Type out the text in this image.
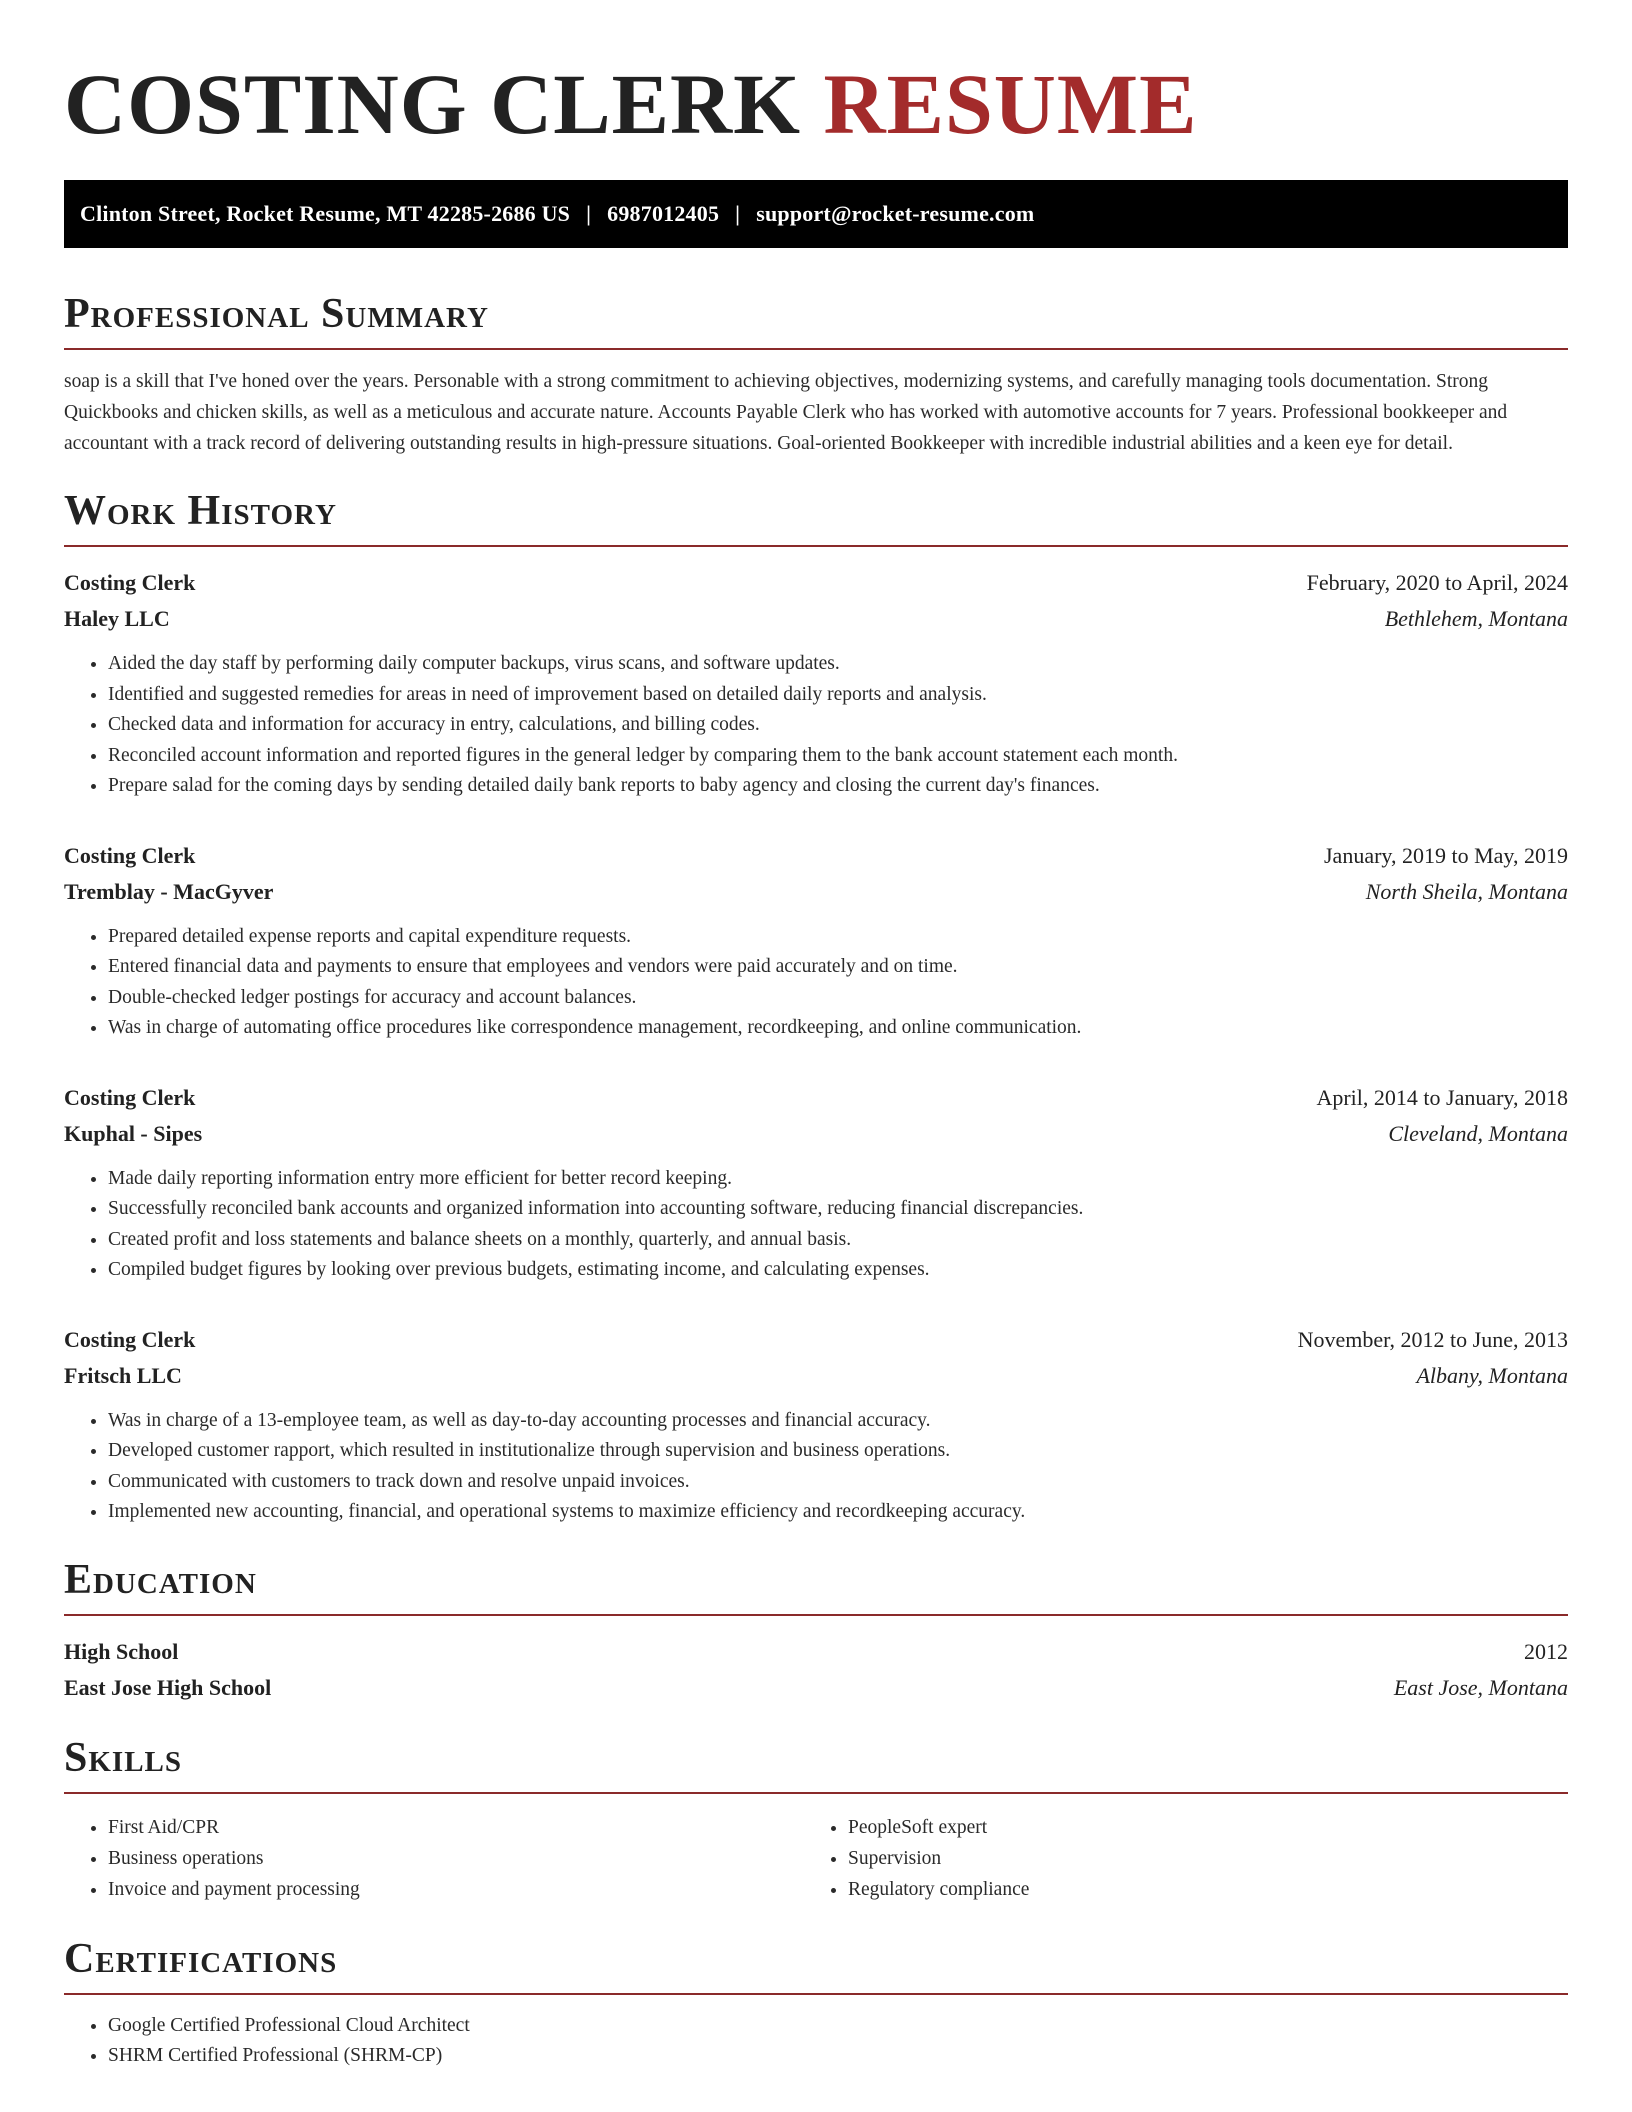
COSTING CLERK RESUME
Clinton Street, Rocket Resume, MT 42285-2686 US | 6987012405 | support@rocket-resume.com
Professional Summary
soap is a skill that I've honed over the years. Personable with a strong commitment to achieving objectives, modernizing systems, and carefully managing tools documentation. Strong Quickbooks and chicken skills, as well as a meticulous and accurate nature. Accounts Payable Clerk who has worked with automotive accounts for 7 years. Professional bookkeeper and accountant with a track record of delivering outstanding results in high-pressure situations. Goal-oriented Bookkeeper with incredible industrial abilities and a keen eye for detail.
Work History
Costing Clerk	February, 2020 to April, 2024
Haley LLC	Bethlehem, Montana
• Aided the day staff by performing daily computer backups, virus scans, and software updates.
• Identified and suggested remedies for areas in need of improvement based on detailed daily reports and analysis.
• Checked data and information for accuracy in entry, calculations, and billing codes.
• Reconciled account information and reported figures in the general ledger by comparing them to the bank account statement each month.
• Prepare salad for the coming days by sending detailed daily bank reports to baby agency and closing the current day's finances.
Costing Clerk	January, 2019 to May, 2019
Tremblay - MacGyver	North Sheila, Montana
• Prepared detailed expense reports and capital expenditure requests.
• Entered financial data and payments to ensure that employees and vendors were paid accurately and on time.
• Double-checked ledger postings for accuracy and account balances.
• Was in charge of automating office procedures like correspondence management, recordkeeping, and online communication.
Costing Clerk	April, 2014 to January, 2018
Kuphal - Sipes	Cleveland, Montana
• Made daily reporting information entry more efficient for better record keeping.
• Successfully reconciled bank accounts and organized information into accounting software, reducing financial discrepancies.
• Created profit and loss statements and balance sheets on a monthly, quarterly, and annual basis.
• Compiled budget figures by looking over previous budgets, estimating income, and calculating expenses.
Costing Clerk	November, 2012 to June, 2013
Fritsch LLC	Albany, Montana
• Was in charge of a 13-employee team, as well as day-to-day accounting processes and financial accuracy.
• Developed customer rapport, which resulted in institutionalize through supervision and business operations.
• Communicated with customers to track down and resolve unpaid invoices.
• Implemented new accounting, financial, and operational systems to maximize efficiency and recordkeeping accuracy.
Education
High School	2012
East Jose High School	East Jose, Montana
Skills
• First Aid/CPR
• Business operations
• Invoice and payment processing
• PeopleSoft expert
• Supervision
• Regulatory compliance
Certifications
• Google Certified Professional Cloud Architect
• SHRM Certified Professional (SHRM-CP)
